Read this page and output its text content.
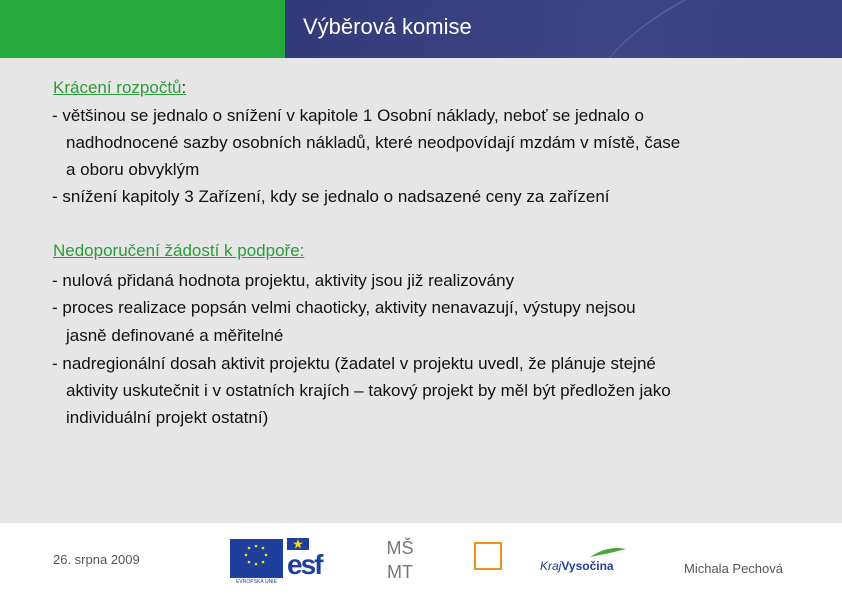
Výběrová komise
Krácení rozpočtů:
- většinou se jednalo o snížení v kapitole 1 Osobní náklady, neboť se jednalo o
nadhodnocené sazby osobních nákladů, které neodpovídají mzdám v místě, čase
a oboru obvyklým
- snížení kapitoly 3 Zařízení, kdy se jednalo o nadsazené ceny za zařízení
Nedoporučení žádostí k podpoře:
- nulová přidaná hodnota projektu, aktivity jsou již realizovány
- proces realizace popsán velmi chaoticky, aktivity nenavazují, výstupy nejsou
jasně definované a měřitelné
- nadregionální dosah aktivit projektu (žadatel v projektu uvedl, že plánuje stejné
aktivity uskutečnit i v ostatních krajích – takový projekt by měl být předložen jako
individuální projekt ostatní)
26. srpna 2009
EVROPSKÁ UNIE
esf
MŠ
MT	KrajVysočina	Michala Pechová
